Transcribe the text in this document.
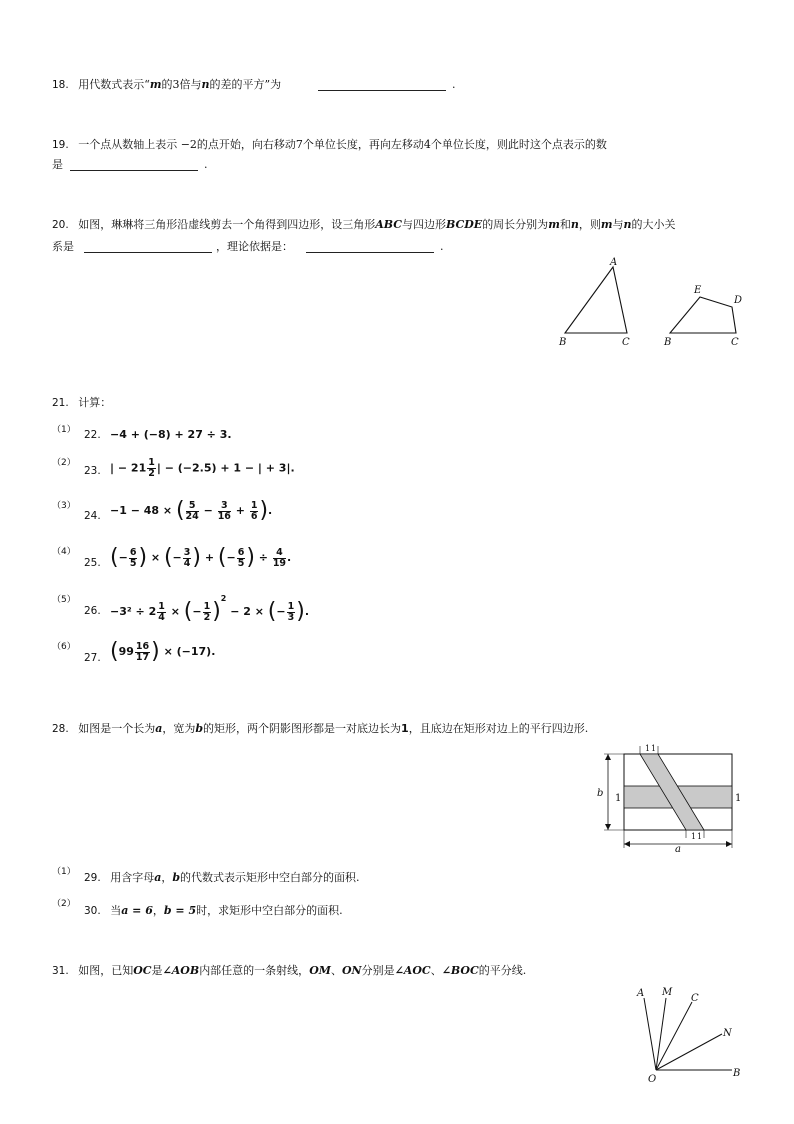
18. 用代数式表示“m的3倍与n的差的平方”为	.
19. 一个点从数轴上表示 −2的点开始，向右移动7个单位长度，再向左移动4个单位长度，则此时这个点表示的数
是	.
20. 如图，琳琳将三角形沿虚线剪去一个角得到四边形，设三角形ABC与四边形BCDE的周长分别为m和n，则m与n的大小关
系是	，理论依据是：	.
A
B	C
E
D
B	C
21. 计算：
（1） 22. −4 + (−8) + 27 ÷ 3.
（2）
23. | − $21 \frac{1}{2}$ | − (−2.5) + 1 − | + 3|.
（3）
24. −1 − 48 × ( $\frac{5}{24} - \frac{3}{16} + \frac{1}{6}$ ).
（4）
25. (− $\frac{6}{5}$ ) × (− $\frac{3}{4}$ ) + (− $\frac{6}{5}$ ) ÷ $\frac{4}{19}$ .
（5）
26. $-3^2 \div 2 \frac{1}{4}$ × (− $\frac{1}{2} )^2 - 2$ × (− $\frac{1}{3}$ ).
（6）
27. ($99 \frac{16}{17}$ ) × (−17).
28. 如图是一个长为a，宽为b的矩形，两个阴影图形都是一对底边长为1，且底边在矩形对边上的平行四边形.
b
a
1	1
1 1
1 1
（1） 29. 用含字母a，b的代数式表示矩形中空白部分的面积.
（2）
30. 当a = 6，b = 5时，求矩形中空白部分的面积.
31. 如图，已知OC是∠AOB内部任意的一条射线，OM、ON分别是∠AOC、∠BOC的平分线.
A M
C
N
O
B
